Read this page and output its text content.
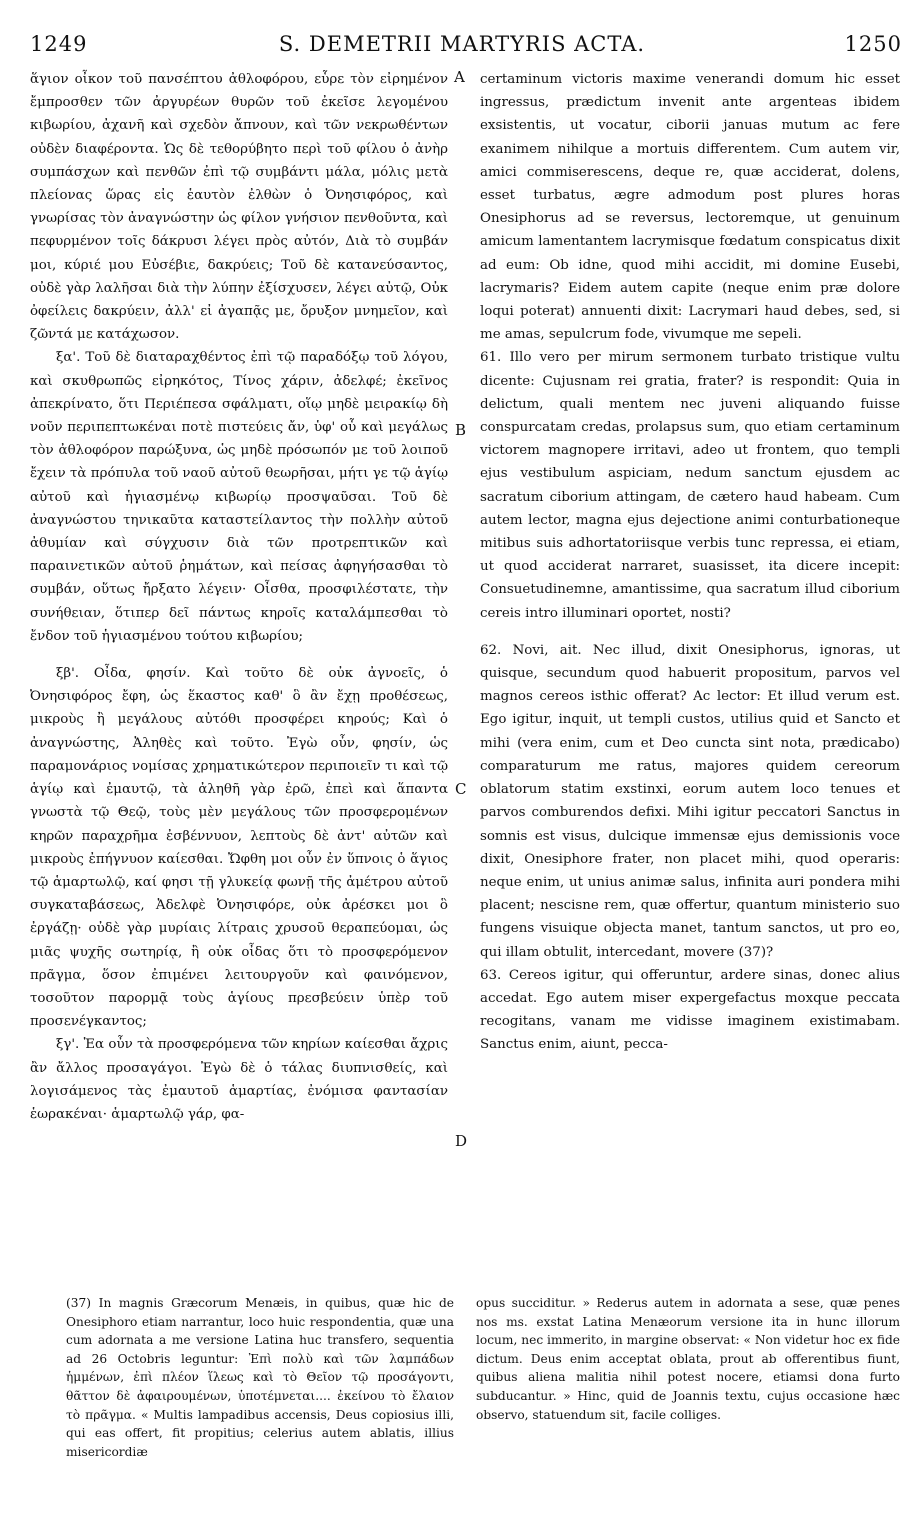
1249	S. DEMETRII MARTYRIS ACTA.	1250

ἅγιον οἶκον τοῦ πανσέπτου ἀθλοφόρου, εὗρε τὸν εἰρημένον ἔμπροσθεν τῶν ἀργυρέων θυρῶν τοῦ ἐκεῖσε λεγομένου κιβωρίου, ἀχανῆ καὶ σχεδὸν ἄπνουν, καὶ τῶν νεκρωθέντων οὐδὲν διαφέροντα. Ὡς δὲ τεθορύβητο περὶ τοῦ φίλου ὁ ἀνὴρ συμπάσχων καὶ πενθῶν ἐπὶ τῷ συμβάντι μάλα, μόλις μετὰ πλείονας ὥρας εἰς ἑαυτὸν ἐλθὼν ὁ Ὀνησιφόρος, καὶ γνωρίσας τὸν ἀναγνώστην ὡς φίλον γνήσιον πενθοῦντα, καὶ πεφυρμένον τοῖς δάκρυσι λέγει πρὸς αὐτόν, Διὰ τὸ συμβάν μοι, κύριέ μου Εὐσέβιε, δακρύεις; Τοῦ δὲ κατανεύσαντος, οὐδὲ γὰρ λαλῆσαι διὰ τὴν λύπην ἐξίσχυσεν, λέγει αὐτῷ, Οὐκ ὀφείλεις δακρύειν, ἀλλ' εἰ ἀγαπᾷς με, ὄρυξον μνημεῖον, καὶ ζῶντά με κατάχωσον.

ξα'. Τοῦ δὲ διαταραχθέντος ἐπὶ τῷ παραδόξῳ τοῦ λόγου, καὶ σκυθρωπῶς εἰρηκότος, Τίνος χάριν, ἀδελφέ; ἐκεῖνος ἀπεκρίνατο, ὅτι Περιέπεσα σφάλματι, οἵῳ μηδὲ μειρακίῳ δὴ νοῦν περιπεπτωκέναι ποτὲ πιστεύεις ἄν, ὑφ' οὗ καὶ μεγάλως τὸν ἀθλοφόρον παρώξυνα, ὡς μηδὲ πρόσωπόν με τοῦ λοιποῦ ἔχειν τὰ πρόπυλα τοῦ ναοῦ αὐτοῦ θεωρῆσαι, μήτι γε τῷ ἁγίῳ αὐτοῦ καὶ ἡγιασμένῳ κιβωρίῳ προσψαῦσαι. Τοῦ δὲ ἀναγνώστου τηνικαῦτα καταστείλαντος τὴν πολλὴν αὐτοῦ ἀθυμίαν καὶ σύγχυσιν διὰ τῶν προτρεπτικῶν καὶ παραινετικῶν αὐτοῦ ῥημάτων, καὶ πείσας ἀφηγήσασθαι τὸ συμβάν, οὕτως ἤρξατο λέγειν· Οἶσθα, προσφιλέστατε, τὴν συνήθειαν, ὅτιπερ δεῖ πάντως κηροῖς καταλάμπεσθαι τὸ ἔνδον τοῦ ἡγιασμένου τούτου κιβωρίου;

ξβ'. Οἶδα, φησίν. Καὶ τοῦτο δὲ οὐκ ἀγνοεῖς, ὁ Ὀνησιφόρος ἔφη, ὡς ἕκαστος καθ' ὃ ἂν ἔχῃ προθέσεως, μικροὺς ἢ μεγάλους αὐτόθι προσφέρει κηρούς; Καὶ ὁ ἀναγνώστης, Ἀληθὲς καὶ τοῦτο. Ἐγὼ οὖν, φησίν, ὡς παραμονάριος νομίσας χρηματικώτερον περιποιεῖν τι καὶ τῷ ἁγίῳ καὶ ἐμαυτῷ, τὰ ἀληθῆ γὰρ ἐρῶ, ἐπεὶ καὶ ἅπαντα γνωστὰ τῷ Θεῷ, τοὺς μὲν μεγάλους τῶν προσφερομένων κηρῶν παραχρῆμα ἐσβέννυον, λεπτοὺς δὲ ἀντ' αὐτῶν καὶ μικροὺς ἐπήγνυον καίεσθαι. Ὤφθη μοι οὖν ἐν ὕπνοις ὁ ἅγιος τῷ ἁμαρτωλῷ, καί φησι τῇ γλυκείᾳ φωνῇ τῆς ἀμέτρου αὐτοῦ συγκαταβάσεως, Ἀδελφὲ Ὀνησιφόρε, οὐκ ἀρέσκει μοι ὃ ἐργάζῃ· οὐδὲ γὰρ μυρίαις λίτραις χρυσοῦ θεραπεύομαι, ὡς μιᾶς ψυχῆς σωτηρίᾳ, ἢ οὐκ οἶδας ὅτι τὸ προσφερόμενον πρᾶγμα, ὅσον ἐπιμένει λειτουργοῦν καὶ φαινόμενον, τοσοῦτον παρορμᾷ τοὺς ἁγίους πρεσβεύειν ὑπὲρ τοῦ προσενέγκαντος;

ξγ'. Ἐα οὖν τὰ προσφερόμενα τῶν κηρίων καίεσθαι ἄχρις ἂν ἄλλος προσαγάγοι. Ἐγὼ δὲ ὁ τάλας διυπνισθείς, καὶ λογισάμενος τὰς ἐμαυτοῦ ἁμαρτίας, ἐνόμισα φαντασίαν ἑωρακέναι· ἁμαρτωλῷ γάρ, φα-

A
B
C
D

certaminum victoris maxime venerandi domum hic esset ingressus, prædictum invenit ante argenteas ibidem exsistentis, ut vocatur, ciborii januas mutum ac fere exanimem nihilque a mortuis differentem. Cum autem vir, amici commiserescens, deque re, quæ acciderat, dolens, esset turbatus, ægre admodum post plures horas Onesiphorus ad se reversus, lectoremque, ut genuinum amicum lamentantem lacrymisque fœdatum conspicatus dixit ad eum: Ob idne, quod mihi accidit, mi domine Eusebi, lacrymaris? Eidem autem capite (neque enim præ dolore loqui poterat) annuenti dixit: Lacrymari haud debes, sed, si me amas, sepulcrum fode, vivumque me sepeli.

61. Illo vero per mirum sermonem turbato tristique vultu dicente: Cujusnam rei gratia, frater? is respondit: Quia in delictum, quali mentem nec juveni aliquando fuisse conspurcatam credas, prolapsus sum, quo etiam certaminum victorem magnopere irritavi, adeo ut frontem, quo templi ejus vestibulum aspiciam, nedum sanctum ejusdem ac sacratum ciborium attingam, de cætero haud habeam. Cum autem lector, magna ejus dejectione animi conturbationeque mitibus suis adhortatoriisque verbis tunc repressa, ei etiam, ut quod acciderat narraret, suasisset, ita dicere incepit: Consuetudinemne, amantissime, qua sacratum illud ciborium cereis intro illuminari oportet, nosti?

62. Novi, ait. Nec illud, dixit Onesiphorus, ignoras, ut quisque, secundum quod habuerit propositum, parvos vel magnos cereos isthic offerat? Ac lector: Et illud verum est. Ego igitur, inquit, ut templi custos, utilius quid et Sancto et mihi (vera enim, cum et Deo cuncta sint nota, prædicabo) comparaturum me ratus, majores quidem cereorum oblatorum statim exstinxi, eorum autem loco tenues et parvos comburendos defixi. Mihi igitur peccatori Sanctus in somnis est visus, dulcique immensæ ejus demissionis voce dixit, Onesiphore frater, non placet mihi, quod operaris: neque enim, ut unius animæ salus, infinita auri pondera mihi placent; nescisne rem, quæ offertur, quantum ministerio suo fungens visuique objecta manet, tantum sanctos, ut pro eo, qui illam obtulit, intercedant, movere (37)?

63. Cereos igitur, qui offeruntur, ardere sinas, donec alius accedat. Ego autem miser expergefactus moxque peccata recogitans, vanam me vidisse imaginem existimabam. Sanctus enim, aiunt, pecca-

(37) In magnis Græcorum Menæis, in quibus, quæ hic de Onesiphoro etiam narrantur, loco huic respondentia, quæ una cum adornata a me versione Latina huc transfero, sequentia ad 26 Octobris leguntur: Ἐπὶ πολὺ καὶ τῶν λαμπάδων ἡμμένων, ἐπὶ πλέον ἵλεως καὶ τὸ Θεῖον τῷ προσάγοντι, θᾶττον δὲ ἀφαιρουμένων, ὑποτέμνεται.... ἐκείνου τὸ ἔλαιον τὸ πρᾶγμα. « Multis lampadibus accensis, Deus copiosius illi, qui eas offert, fit propitius; celerius autem ablatis, illius misericordiæ

opus succiditur. » Rederus autem in adornata a sese, quæ penes nos ms. exstat Latina Menæorum versione ita in hunc illorum locum, nec immerito, in margine observat: « Non videtur hoc ex fide dictum. Deus enim acceptat oblata, prout ab offerentibus fiunt, quibus aliena malitia nihil potest nocere, etiamsi dona furto subducantur. » Hinc, quid de Joannis textu, cujus occasione hæc observo, statuendum sit, facile colliges.
